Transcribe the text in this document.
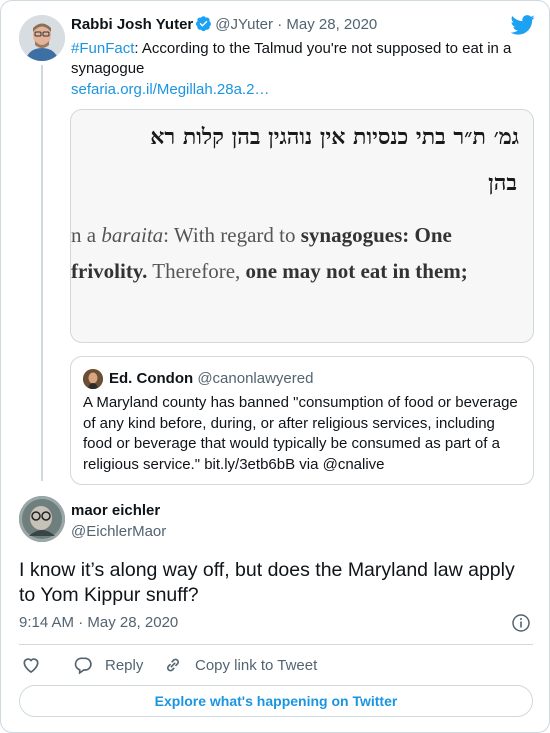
Rabbi Josh Yuter @JYuter · May 28, 2020
#FunFact: According to the Talmud you're not supposed to eat in a synagogue
sefaria.org.il/Megillah.28a.2…
גמ׳ ת״ר בתי כנסיות אין נוהגין בהן קלות רא
בהן
n a baraita: With regard to synagogues: One
frivolity. Therefore, one may not eat in them;
Ed. Condon @canonlawyered
A Maryland county has banned "consumption of food or beverage of any kind before, during, or after religious services, including food or beverage that would typically be consumed as part of a religious service." bit.ly/3etb6bB via @cnalive
maor eichler
@EichlerMaor
I know it’s along way off, but does the Maryland law apply to Yom Kippur snuff?
9:14 AM · May 28, 2020
Reply	Copy link to Tweet
Explore what's happening on Twitter
